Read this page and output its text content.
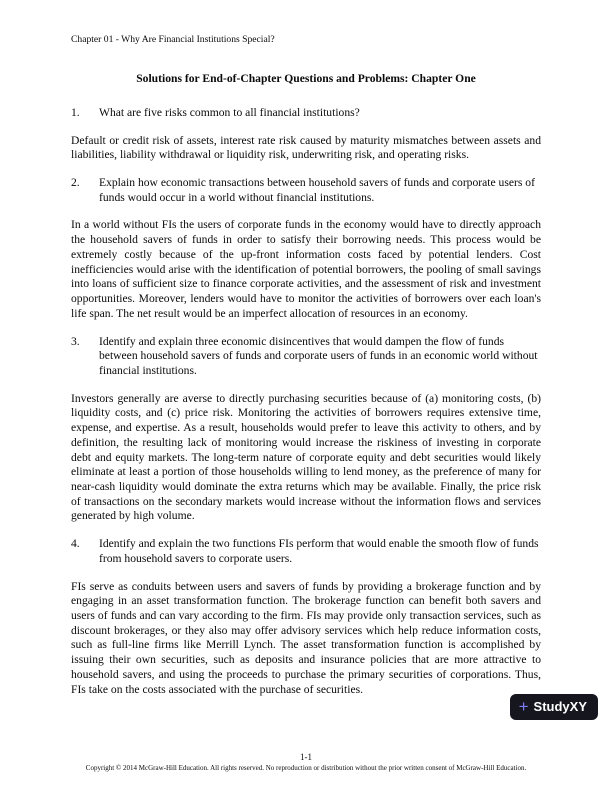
Chapter 01 - Why Are Financial Institutions Special?
Solutions for End-of-Chapter Questions and Problems: Chapter One
1.	What are five risks common to all financial institutions?
Default or credit risk of assets, interest rate risk caused by maturity mismatches between assets and liabilities, liability withdrawal or liquidity risk, underwriting risk, and operating risks.
2.	Explain how economic transactions between household savers of funds and corporate users of funds would occur in a world without financial institutions.
In a world without FIs the users of corporate funds in the economy would have to directly approach the household savers of funds in order to satisfy their borrowing needs. This process would be extremely costly because of the up-front information costs faced by potential lenders. Cost inefficiencies would arise with the identification of potential borrowers, the pooling of small savings into loans of sufficient size to finance corporate activities, and the assessment of risk and investment opportunities. Moreover, lenders would have to monitor the activities of borrowers over each loan's life span. The net result would be an imperfect allocation of resources in an economy.
3.	Identify and explain three economic disincentives that would dampen the flow of funds between household savers of funds and corporate users of funds in an economic world without financial institutions.
Investors generally are averse to directly purchasing securities because of (a) monitoring costs, (b) liquidity costs, and (c) price risk. Monitoring the activities of borrowers requires extensive time, expense, and expertise. As a result, households would prefer to leave this activity to others, and by definition, the resulting lack of monitoring would increase the riskiness of investing in corporate debt and equity markets. The long-term nature of corporate equity and debt securities would likely eliminate at least a portion of those households willing to lend money, as the preference of many for near-cash liquidity would dominate the extra returns which may be available. Finally, the price risk of transactions on the secondary markets would increase without the information flows and services generated by high volume.
4.	Identify and explain the two functions FIs perform that would enable the smooth flow of funds from household savers to corporate users.
FIs serve as conduits between users and savers of funds by providing a brokerage function and by engaging in an asset transformation function. The brokerage function can benefit both savers and users of funds and can vary according to the firm. FIs may provide only transaction services, such as discount brokerages, or they also may offer advisory services which help reduce information costs, such as full-line firms like Merrill Lynch. The asset transformation function is accomplished by issuing their own securities, such as deposits and insurance policies that are more attractive to household savers, and using the proceeds to purchase the primary securities of corporations. Thus, FIs take on the costs associated with the purchase of securities.
+ StudyXY
1-1
Copyright © 2014 McGraw-Hill Education. All rights reserved. No reproduction or distribution without the prior written consent of McGraw-Hill Education.
